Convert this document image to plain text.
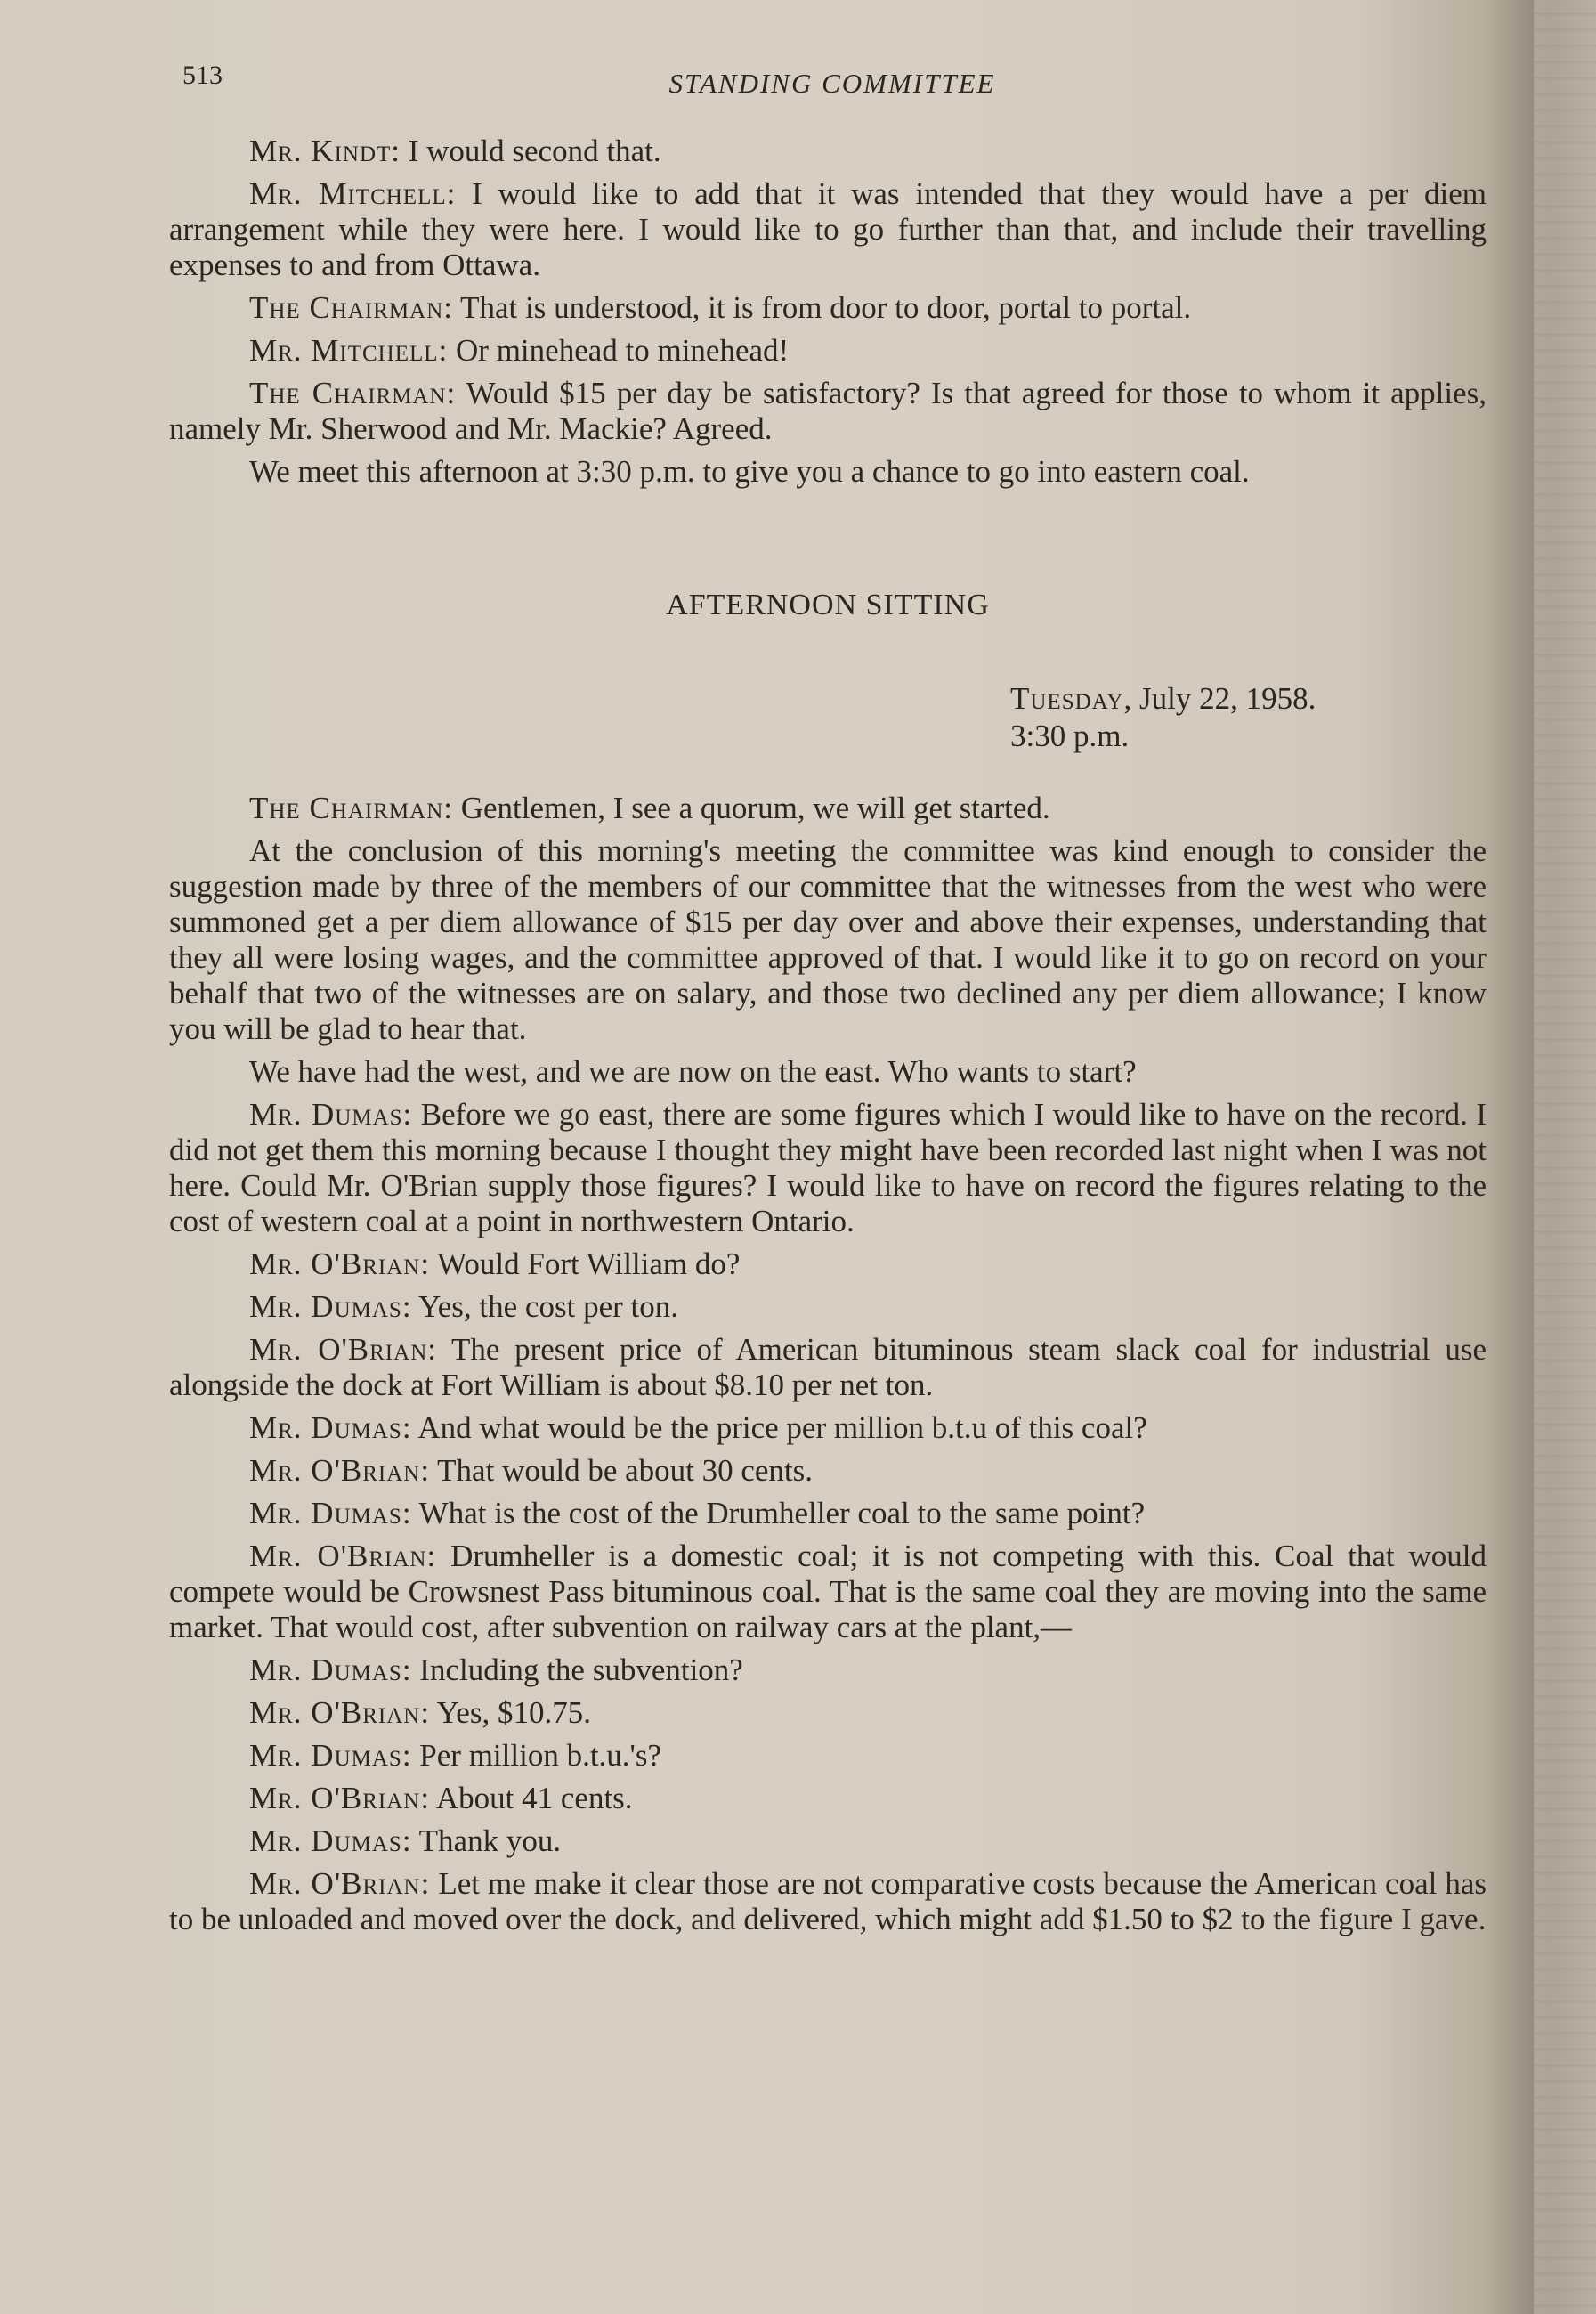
513	STANDING COMMITTEE

Mr. Kindt: I would second that.

Mr. Mitchell: I would like to add that it was intended that they would have a per diem arrangement while they were here. I would like to go further than that, and include their travelling expenses to and from Ottawa.

The Chairman: That is understood, it is from door to door, portal to portal.

Mr. Mitchell: Or minehead to minehead!

The Chairman: Would $15 per day be satisfactory? Is that agreed for those to whom it applies, namely Mr. Sherwood and Mr. Mackie? Agreed.

We meet this afternoon at 3:30 p.m. to give you a chance to go into eastern coal.

AFTERNOON SITTING
Tuesday, July 22, 1958.
3:30 p.m.

The Chairman: Gentlemen, I see a quorum, we will get started.

At the conclusion of this morning's meeting the committee was kind enough to consider the suggestion made by three of the members of our committee that the witnesses from the west who were summoned get a per diem allowance of $15 per day over and above their expenses, understanding that they all were losing wages, and the committee approved of that. I would like it to go on record on your behalf that two of the witnesses are on salary, and those two declined any per diem allowance; I know you will be glad to hear that.

We have had the west, and we are now on the east. Who wants to start?

Mr. Dumas: Before we go east, there are some figures which I would like to have on the record. I did not get them this morning because I thought they might have been recorded last night when I was not here. Could Mr. O'Brian supply those figures? I would like to have on record the figures relating to the cost of western coal at a point in northwestern Ontario.

Mr. O'Brian: Would Fort William do?

Mr. Dumas: Yes, the cost per ton.

Mr. O'Brian: The present price of American bituminous steam slack coal for industrial use alongside the dock at Fort William is about $8.10 per net ton.

Mr. Dumas: And what would be the price per million b.t.u of this coal?

Mr. O'Brian: That would be about 30 cents.

Mr. Dumas: What is the cost of the Drumheller coal to the same point?

Mr. O'Brian: Drumheller is a domestic coal; it is not competing with this. Coal that would compete would be Crowsnest Pass bituminous coal. That is the same coal they are moving into the same market. That would cost, after subvention on railway cars at the plant,—

Mr. Dumas: Including the subvention?

Mr. O'Brian: Yes, $10.75.

Mr. Dumas: Per million b.t.u.'s?

Mr. O'Brian: About 41 cents.

Mr. Dumas: Thank you.

Mr. O'Brian: Let me make it clear those are not comparative costs because the American coal has to be unloaded and moved over the dock, and delivered, which might add $1.50 to $2 to the figure I gave.
